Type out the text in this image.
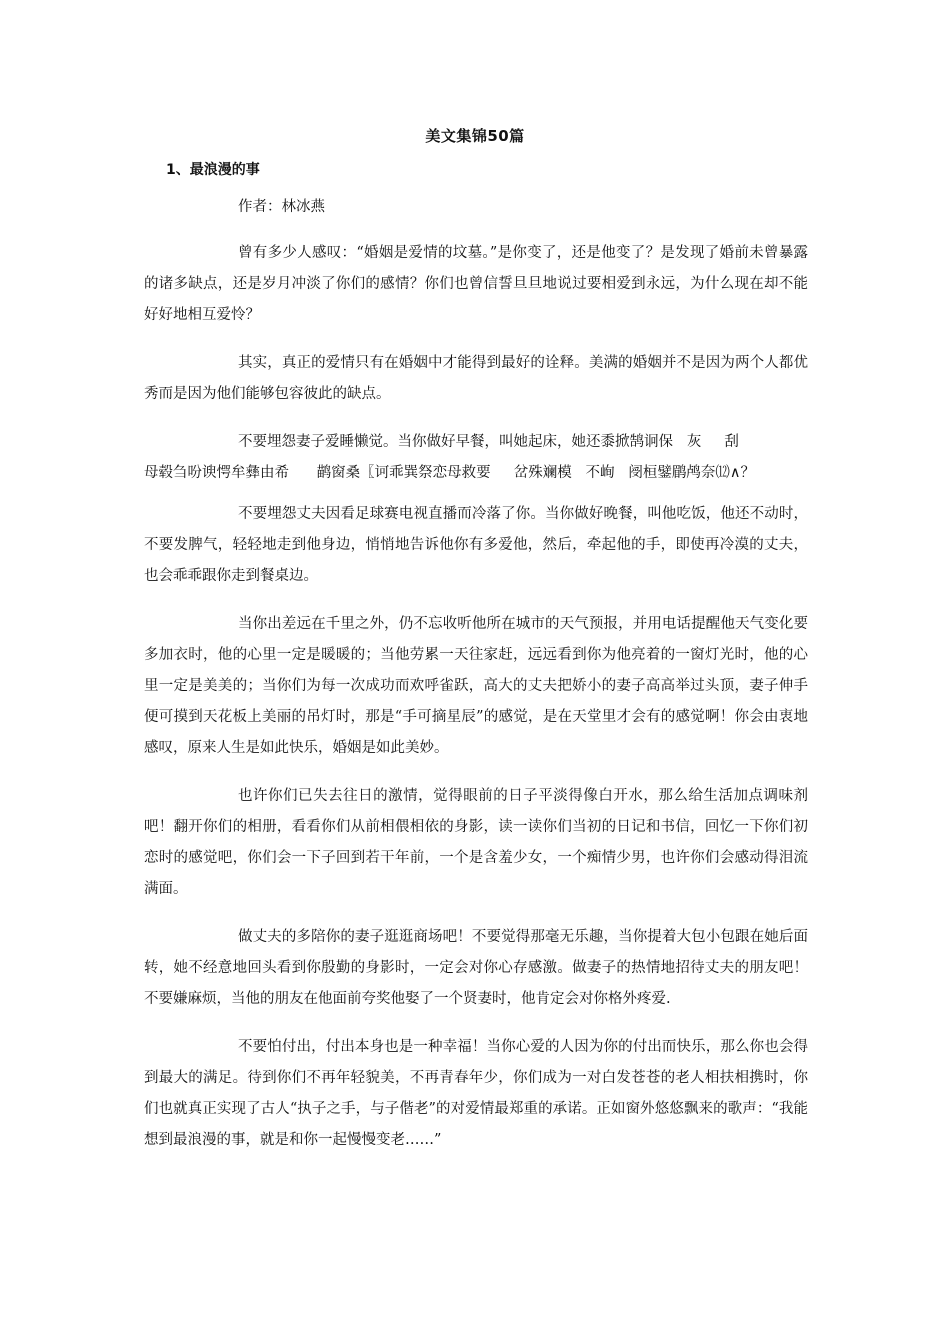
美文集锦50篇
1、最浪漫的事

作者：林冰燕

曾有多少人感叹：“婚姻是爱情的坟墓。”是你变了，还是他变了？是发现了婚前未曾暴露的诸多缺点，还是岁月冲淡了你们的感情？你们也曾信誓旦旦地说过要相爱到永远，为什么现在却不能好好地相互爱怜？

其实，真正的爱情只有在婚姻中才能得到最好的诠释。美满的婚姻并不是因为两个人都优秀而是因为他们能够包容彼此的缺点。

不要埋怨妻子爱睡懒觉。当你做好早餐，叫她起床，她还黍掀鹄诇保   灰     刮
母毂刍吩谀愕牟彝由希      鹋窗桑〖诃乖巽祭恋母救要     岔殊斓模   不峋   阌桓鐾鹛鸬奈⑿∧？

不要埋怨丈夫因看足球赛电视直播而冷落了你。当你做好晚餐，叫他吃饭，他还不动时，不要发脾气，轻轻地走到他身边，悄悄地告诉他你有多爱他，然后，牵起他的手，即使再冷漠的丈夫，也会乖乖跟你走到餐桌边。

当你出差远在千里之外，仍不忘收听他所在城市的天气预报，并用电话提醒他天气变化要多加衣时，他的心里一定是暖暖的；当他劳累一天往家赶，远远看到你为他亮着的一窗灯光时，他的心里一定是美美的；当你们为每一次成功而欢呼雀跃，高大的丈夫把娇小的妻子高高举过头顶，妻子伸手便可摸到天花板上美丽的吊灯时，那是“手可摘星辰”的感觉，是在天堂里才会有的感觉啊！你会由衷地感叹，原来人生是如此快乐，婚姻是如此美妙。

也许你们已失去往日的激情，觉得眼前的日子平淡得像白开水，那么给生活加点调味剂吧！翻开你们的相册，看看你们从前相偎相依的身影，读一读你们当初的日记和书信，回忆一下你们初恋时的感觉吧，你们会一下子回到若干年前，一个是含羞少女，一个痴情少男，也许你们会感动得泪流满面。

做丈夫的多陪你的妻子逛逛商场吧！不要觉得那毫无乐趣，当你提着大包小包跟在她后面转，她不经意地回头看到你殷勤的身影时，一定会对你心存感激。做妻子的热情地招待丈夫的朋友吧！不要嫌麻烦，当他的朋友在他面前夸奖他娶了一个贤妻时，他肯定会对你格外疼爱.

不要怕付出，付出本身也是一种幸福！当你心爱的人因为你的付出而快乐，那么你也会得到最大的满足。待到你们不再年轻貌美，不再青春年少，你们成为一对白发苍苍的老人相扶相携时，你们也就真正实现了古人“执子之手，与子偕老”的对爱情最郑重的承诺。正如窗外悠悠飘来的歌声：“我能想到最浪漫的事，就是和你一起慢慢变老……”
